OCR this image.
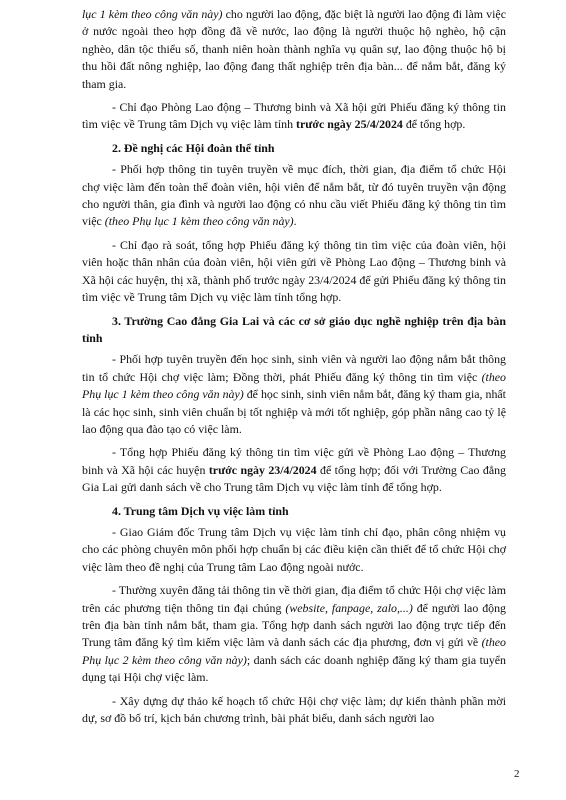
lục 1 kèm theo công văn này) cho người lao động, đặc biệt là người lao động đi làm việc ở nước ngoài theo hợp đồng đã về nước, lao động là người thuộc hộ nghèo, hộ cận nghèo, dân tộc thiểu số, thanh niên hoàn thành nghĩa vụ quân sự, lao động thuộc hộ bị thu hồi đất nông nghiệp, lao động đang thất nghiệp trên địa bàn... để nắm bắt, đăng ký tham gia.

- Chỉ đạo Phòng Lao động – Thương binh và Xã hội gửi Phiếu đăng ký thông tin tìm việc về Trung tâm Dịch vụ việc làm tỉnh trước ngày 25/4/2024 để tổng hợp.

2. Đề nghị các Hội đoàn thể tỉnh

- Phối hợp thông tin tuyên truyền về mục đích, thời gian, địa điểm tổ chức Hội chợ việc làm đến toàn thể đoàn viên, hội viên để nắm bắt, từ đó tuyên truyền vận động cho người thân, gia đình và người lao động có nhu cầu viết Phiếu đăng ký thông tin tìm việc (theo Phụ lục 1 kèm theo công văn này).

- Chỉ đạo rà soát, tổng hợp Phiếu đăng ký thông tin tìm việc của đoàn viên, hội viên hoặc thân nhân của đoàn viên, hội viên gửi về Phòng Lao động – Thương binh và Xã hội các huyện, thị xã, thành phố trước ngày 23/4/2024 để gửi Phiếu đăng ký thông tin tìm việc về Trung tâm Dịch vụ việc làm tỉnh tổng hợp.

3. Trường Cao đẳng Gia Lai và các cơ sở giáo dục nghề nghiệp trên địa bàn tỉnh

- Phối hợp tuyên truyền đến học sinh, sinh viên và người lao động nắm bắt thông tin tổ chức Hội chợ việc làm; Đồng thời, phát Phiếu đăng ký thông tin tìm việc (theo Phụ lục 1 kèm theo công văn này) để học sinh, sinh viên nắm bắt, đăng ký tham gia, nhất là các học sinh, sinh viên chuẩn bị tốt nghiệp và mới tốt nghiệp, góp phần nâng cao tỷ lệ lao động qua đào tạo có việc làm.

- Tổng hợp Phiếu đăng ký thông tin tìm việc gửi về Phòng Lao động – Thương binh và Xã hội các huyện trước ngày 23/4/2024 để tổng hợp; đối với Trường Cao đẳng Gia Lai gửi danh sách về cho Trung tâm Dịch vụ việc làm tỉnh để tổng hợp.

4. Trung tâm Dịch vụ việc làm tỉnh

- Giao Giám đốc Trung tâm Dịch vụ việc làm tỉnh chỉ đạo, phân công nhiệm vụ cho các phòng chuyên môn phối hợp chuẩn bị các điều kiện cần thiết để tổ chức Hội chợ việc làm theo đề nghị của Trung tâm Lao động ngoài nước.

- Thường xuyên đăng tải thông tin về thời gian, địa điểm tổ chức Hội chợ việc làm trên các phương tiện thông tin đại chúng (website, fanpage, zalo,...) để người lao động trên địa bàn tỉnh nắm bắt, tham gia. Tổng hợp danh sách người lao động trực tiếp đến Trung tâm đăng ký tìm kiếm việc làm và danh sách các địa phương, đơn vị gửi về (theo Phụ lục 2 kèm theo công văn này); danh sách các doanh nghiệp đăng ký tham gia tuyển dụng tại Hội chợ việc làm.

- Xây dựng dự thảo kế hoạch tổ chức Hội chợ việc làm; dự kiến thành phần mời dự, sơ đồ bố trí, kịch bản chương trình, bài phát biểu, danh sách người lao

2
